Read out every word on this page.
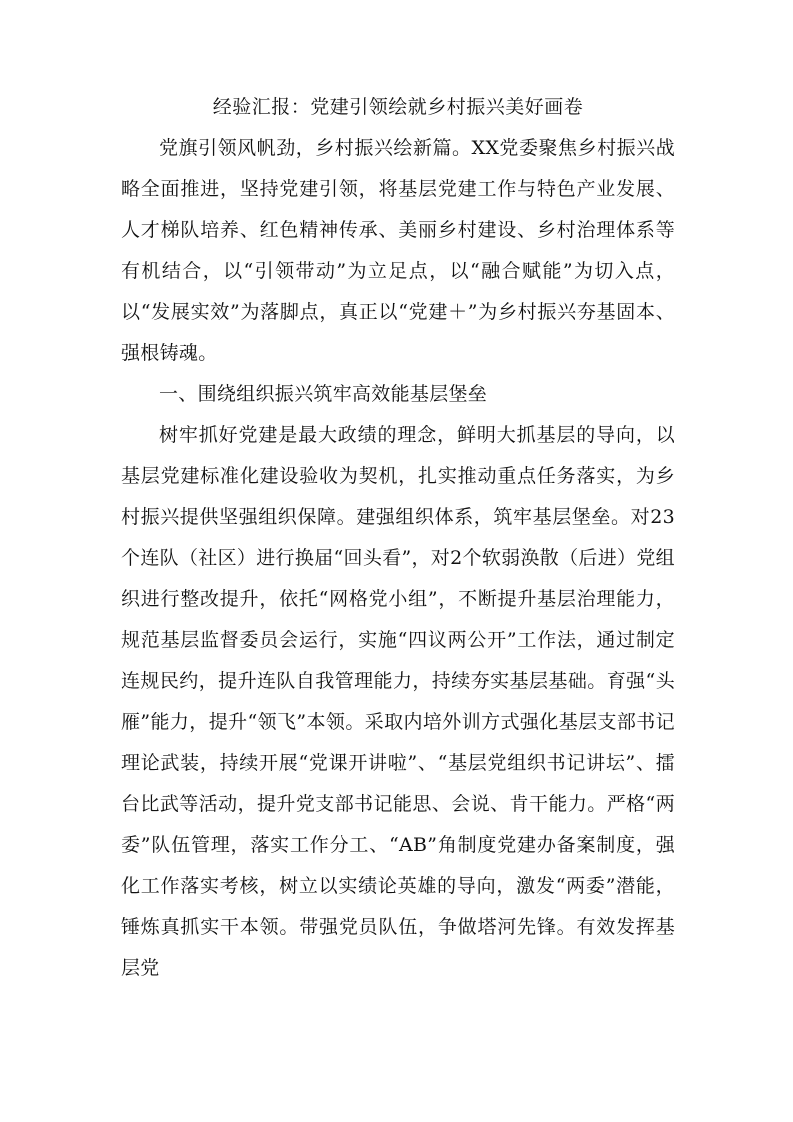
经验汇报：党建引领绘就乡村振兴美好画卷

党旗引领风帆劲，乡村振兴绘新篇。XX党委聚焦乡村振兴战略全面推进，坚持党建引领，将基层党建工作与特色产业发展、人才梯队培养、红色精神传承、美丽乡村建设、乡村治理体系等有机结合，以“引领带动”为立足点，以“融合赋能”为切入点，以“发展实效”为落脚点，真正以“党建＋”为乡村振兴夯基固本、强根铸魂。

一、围绕组织振兴筑牢高效能基层堡垒

树牢抓好党建是最大政绩的理念，鲜明大抓基层的导向，以基层党建标准化建设验收为契机，扎实推动重点任务落实，为乡村振兴提供坚强组织保障。建强组织体系，筑牢基层堡垒。对23个连队（社区）进行换届“回头看”，对2个软弱涣散（后进）党组织进行整改提升，依托“网格党小组”，不断提升基层治理能力，规范基层监督委员会运行，实施“四议两公开”工作法，通过制定连规民约，提升连队自我管理能力，持续夯实基层基础。育强“头雁”能力，提升“领飞”本领。采取内培外训方式强化基层支部书记理论武装，持续开展“党课开讲啦”、“基层党组织书记讲坛”、擂台比武等活动，提升党支部书记能思、会说、肯干能力。严格“两委”队伍管理，落实工作分工、“AB”角制度党建办备案制度，强化工作落实考核，树立以实绩论英雄的导向，激发“两委”潜能，锤炼真抓实干本领。带强党员队伍，争做塔河先锋。有效发挥基层党
